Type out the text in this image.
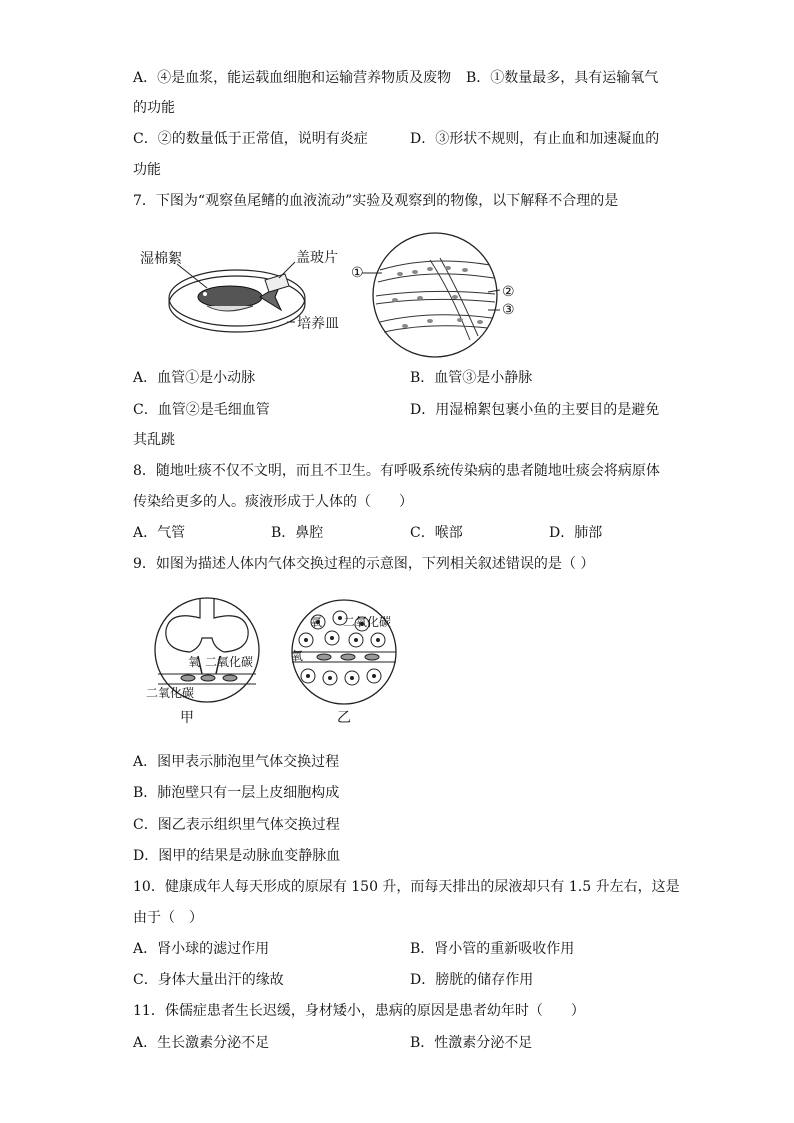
A．④是血浆，能运载血细胞和运输营养物质及废物 B．①数量最多，具有运输氧气
的功能
C．②的数量低于正常值，说明有炎症	D．③形状不规则，有止血和加速凝血的
功能
7．下图为“观察鱼尾鳍的血液流动”实验及观察到的物像，以下解释不合理的是
湿棉絮	盖玻片
培养皿
①
②
③
A．血管①是小动脉	B．血管③是小静脉
C．血管②是毛细血管	D．用湿棉絮包裹小鱼的主要目的是避免
其乱跳
8．随地吐痰不仅不文明，而且不卫生。有呼吸系统传染病的患者随地吐痰会将病原体
传染给更多的人。痰液形成于人体的（　　）
A．气管	B．鼻腔	C．喉部	D．肺部
9．如图为描述人体内气体交换过程的示意图，下列相关叙述错误的是（ ）
氧 二氧化碳
二氧化碳
甲
氧 二氧化碳
氧
乙
A．图甲表示肺泡里气体交换过程
B．肺泡壁只有一层上皮细胞构成
C．图乙表示组织里气体交换过程
D．图甲的结果是动脉血变静脉血
10．健康成年人每天形成的原尿有 150 升，而每天排出的尿液却只有 1.5 升左右，这是
由于（　）
A．肾小球的滤过作用	B．肾小管的重新吸收作用
C．身体大量出汗的缘故	D．膀胱的储存作用
11．侏儒症患者生长迟缓，身材矮小，患病的原因是患者幼年时（　　）
A．生长激素分泌不足	B．性激素分泌不足
